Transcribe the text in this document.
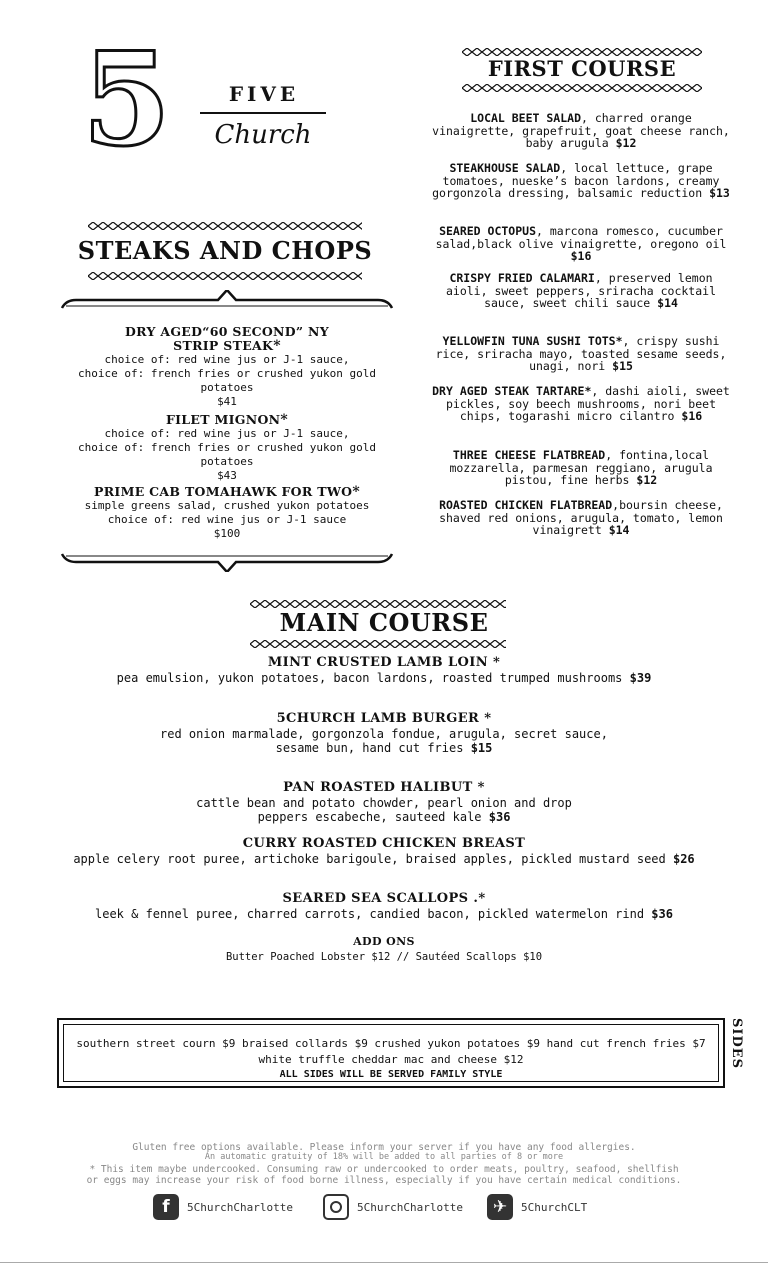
5	FIVE
Church
STEAKS AND CHOPS
DRY AGED“60 SECOND” NY STRIP STEAK*
choice of: red wine jus or J-1 sauce,
choice of: french fries or crushed yukon gold potatoes
$41
FILET MIGNON*
choice of: red wine jus or J-1 sauce,
choice of: french fries or crushed yukon gold potatoes
$43
PRIME CAB TOMAHAWK FOR TWO*
simple greens salad, crushed yukon potatoes
choice of: red wine jus or J-1 sauce
$100
FIRST COURSE
LOCAL BEET SALAD, charred orange vinaigrette, grapefruit, goat cheese ranch, baby arugula $12
STEAKHOUSE SALAD, local lettuce, grape tomatoes, nueske’s bacon lardons, creamy gorgonzola dressing, balsamic reduction $13
SEARED OCTOPUS, marcona romesco, cucumber salad,black olive vinaigrette, oregono oil $16
CRISPY FRIED CALAMARI, preserved lemon aioli, sweet peppers, sriracha cocktail sauce, sweet chili sauce $14
YELLOWFIN TUNA SUSHI TOTS*, crispy sushi rice, sriracha mayo, toasted sesame seeds, unagi, nori $15
DRY AGED STEAK TARTARE*, dashi aioli, sweet pickles, soy beech mushrooms, nori beet chips, togarashi micro cilantro $16
THREE CHEESE FLATBREAD, fontina,local mozzarella, parmesan reggiano, arugula pistou, fine herbs $12
ROASTED CHICKEN FLATBREAD,boursin cheese, shaved red onions, arugula, tomato, lemon vinaigrett $14
MAIN COURSE
MINT CRUSTED LAMB LOIN *
pea emulsion, yukon potatoes, bacon lardons, roasted trumped mushrooms $39
5CHURCH LAMB BURGER *
red onion marmalade, gorgonzola fondue, arugula, secret sauce,
sesame bun, hand cut fries $15
PAN ROASTED HALIBUT *
cattle bean and potato chowder, pearl onion and drop
peppers escabeche, sauteed kale $36
CURRY ROASTED CHICKEN BREAST
apple celery root puree, artichoke barigoule, braised apples, pickled mustard seed $26
SEARED SEA SCALLOPS .*
leek & fennel puree, charred carrots, candied bacon, pickled watermelon rind $36
ADD ONS
Butter Poached Lobster $12 // Sautéed Scallops $10
southern street courn $9 braised collards $9 crushed yukon potatoes $9 hand cut french fries $7
white truffle cheddar mac and cheese $12
ALL SIDES WILL BE SERVED FAMILY STYLE
SIDES
Gluten free options available. Please inform your server if you have any food allergies.
An automatic gratuity of 18% will be added to all parties of 8 or more
* This item maybe undercooked. Consuming raw or undercooked to order meats, poultry, seafood, shellfish
or eggs may increase your risk of food borne illness, especially if you have certain medical conditions.
f	5ChurchCharlotte	5ChurchCharlotte	✈	5ChurchCLT
